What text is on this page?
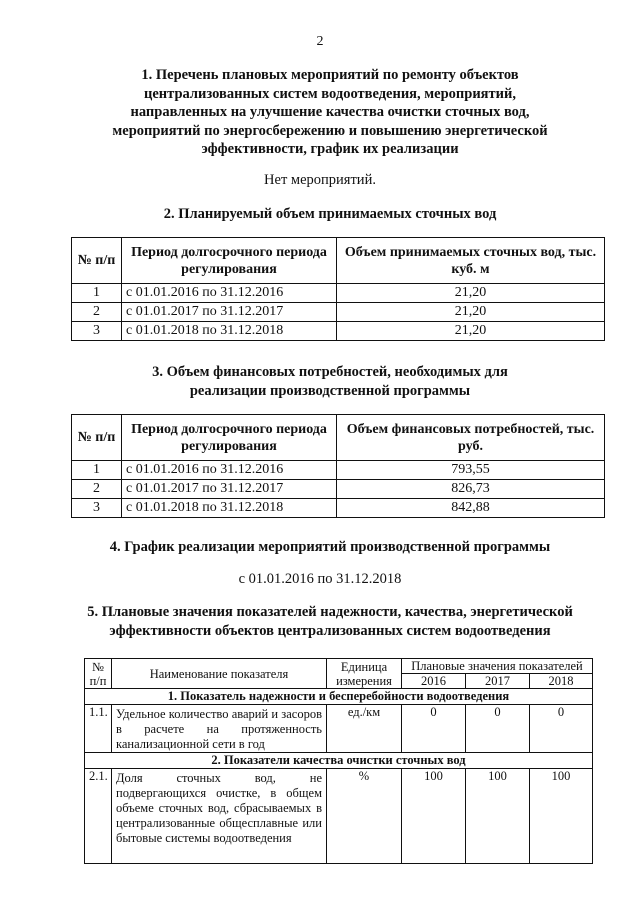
2
1. Перечень плановых мероприятий по ремонту объектов
централизованных систем водоотведения, мероприятий,
направленных на улучшение качества очистки сточных вод,
мероприятий по энергосбережению и повышению энергетической
эффективности, график их реализации
Нет мероприятий.
2. Планируемый объем принимаемых сточных вод
№ п/п	Период долгосрочного периода регулирования	Объем принимаемых сточных вод, тыс. куб. м
1	с 01.01.2016 по 31.12.2016	21,20
2	с 01.01.2017 по 31.12.2017	21,20
3	с 01.01.2018 по 31.12.2018	21,20
3. Объем финансовых потребностей, необходимых для
реализации производственной программы
№ п/п	Период долгосрочного периода регулирования	Объем финансовых потребностей, тыс. руб.
1	с 01.01.2016 по 31.12.2016	793,55
2	с 01.01.2017 по 31.12.2017	826,73
3	с 01.01.2018 по 31.12.2018	842,88
4. График реализации мероприятий производственной программы
с 01.01.2016 по 31.12.2018
5. Плановые значения показателей надежности, качества, энергетической
эффективности объектов централизованных систем водоотведения
№ п/п	Наименование показателя	Единица измерения	Плановые значения показателей		
			2016	2017	2018
1. Показатель надежности и бесперебойности водоотведения					
1.1.	Удельное количество аварий и засоров в расчете на протяженность канализационной сети в год	ед./км	0	0	0
2. Показатели качества очистки сточных вод					
2.1.	Доля сточных вод, не подвергающихся очистке, в общем объеме сточных вод, сбрасываемых в централизованные общесплавные или бытовые системы водоотведения	%	100	100	100
